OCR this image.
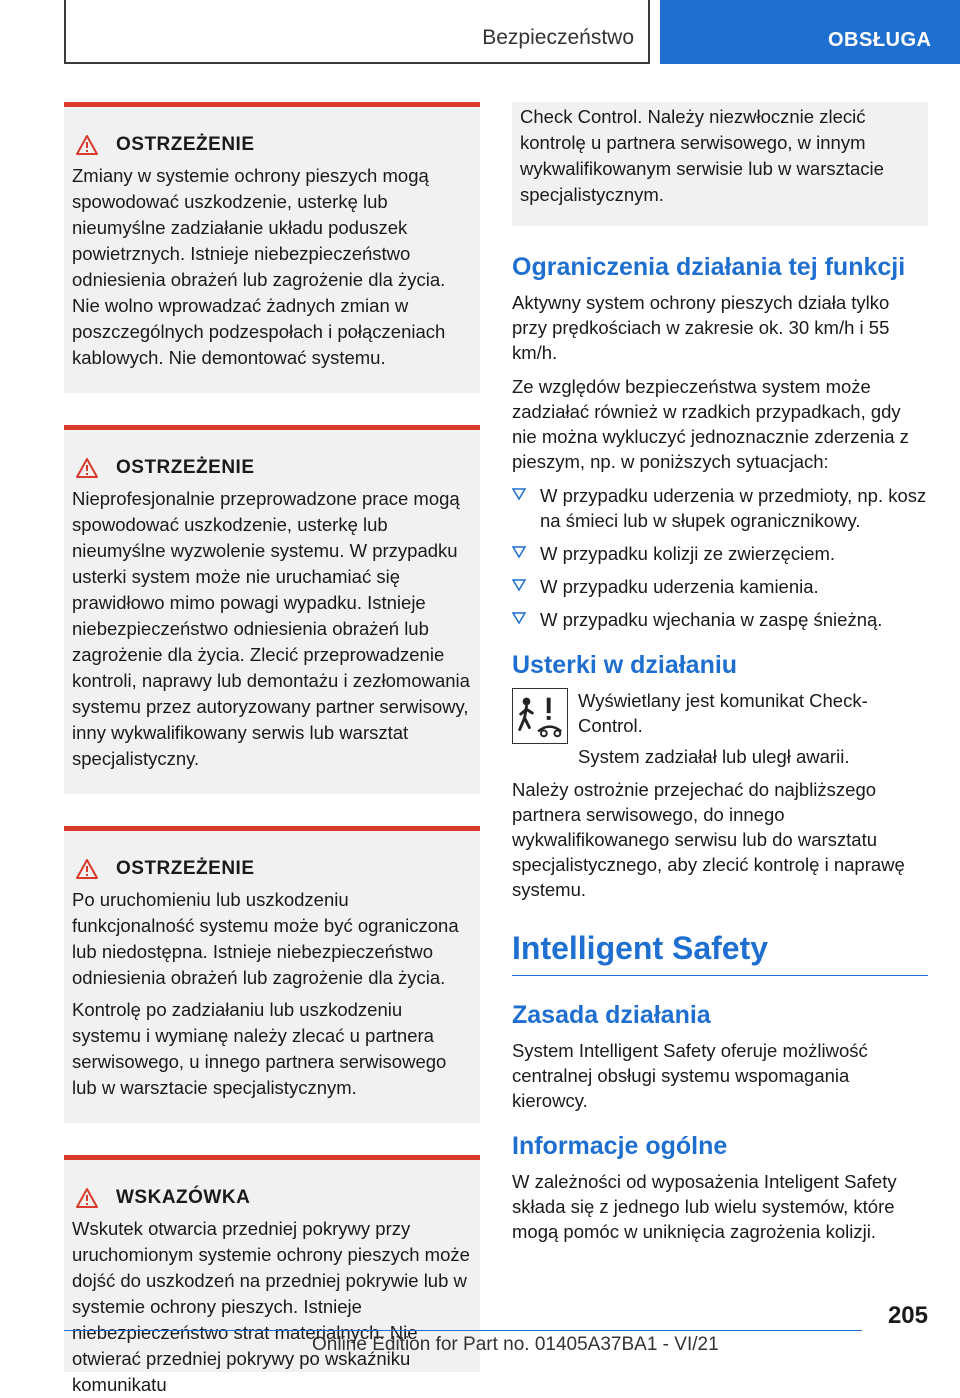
Bezpieczeństwo	OBSŁUGA
OSTRZEŻENIE

Zmiany w systemie ochrony pieszych mogą spowodować uszkodzenie, usterkę lub nieumyślne zadziałanie układu poduszek powietrznych. Istnieje niebezpieczeństwo odniesienia obrażeń lub zagrożenie dla życia. Nie wolno wprowadzać żadnych zmian w poszczególnych podzespołach i połączeniach kablowych. Nie demontować systemu.

OSTRZEŻENIE

Nieprofesjonalnie przeprowadzone prace mogą spowodować uszkodzenie, usterkę lub nieumyślne wyzwolenie systemu. W przypadku usterki system może nie uruchamiać się prawidłowo mimo powagi wypadku. Istnieje niebezpieczeństwo odniesienia obrażeń lub zagrożenie dla życia. Zlecić przeprowadzenie kontroli, naprawy lub demontażu i zezłomowania systemu przez autoryzowany partner serwisowy, inny wykwalifikowany serwis lub warsztat specjalistyczny.

OSTRZEŻENIE

Po uruchomieniu lub uszkodzeniu funkcjonalność systemu może być ograniczona lub niedostępna. Istnieje niebezpieczeństwo odniesienia obrażeń lub zagrożenie dla życia.

Kontrolę po zadziałaniu lub uszkodzeniu systemu i wymianę należy zlecać u partnera serwisowego, u innego partnera serwisowego lub w warsztacie specjalistycznym.

WSKAZÓWKA

Wskutek otwarcia przedniej pokrywy przy uruchomionym systemie ochrony pieszych może dojść do uszkodzeń na przedniej pokrywie lub w systemie ochrony pieszych. Istnieje niebezpieczeństwo strat materialnych. Nie otwierać przedniej pokrywy po wskaźniku komunikatu

Check Control. Należy niezwłocznie zlecić kontrolę u partnera serwisowego, w innym wykwalifikowanym serwisie lub w warsztacie specjalistycznym.

Ograniczenia działania tej funkcji

Aktywny system ochrony pieszych działa tylko przy prędkościach w zakresie ok. 30 km/h i 55 km/h.

Ze względów bezpieczeństwa system może zadziałać również w rzadkich przypadkach, gdy nie można wykluczyć jednoznacznie zderzenia z pieszym, np. w poniższych sytuacjach:

W przypadku uderzenia w przedmioty, np. kosz na śmieci lub w słupek ogranicznikowy.
W przypadku kolizji ze zwierzęciem.
W przypadku uderzenia kamienia.
W przypadku wjechania w zaspę śnieżną.
Usterki w działaniu

Wyświetlany jest komunikat Check-Control.

System zadziałał lub uległ awarii.

Należy ostrożnie przejechać do najbliższego partnera serwisowego, do innego wykwalifikowanego serwisu lub do warsztatu specjalistycznego, aby zlecić kontrolę i naprawę systemu.

Intelligent Safety
Zasada działania

System Intelligent Safety oferuje możliwość centralnej obsługi systemu wspomagania kierowcy.

Informacje ogólne

W zależności od wyposażenia Inteligent Safety składa się z jednego lub wielu systemów, które mogą pomóc w uniknięcia zagrożenia kolizji.

205
Online Edition for Part no. 01405A37BA1 - VI/21
